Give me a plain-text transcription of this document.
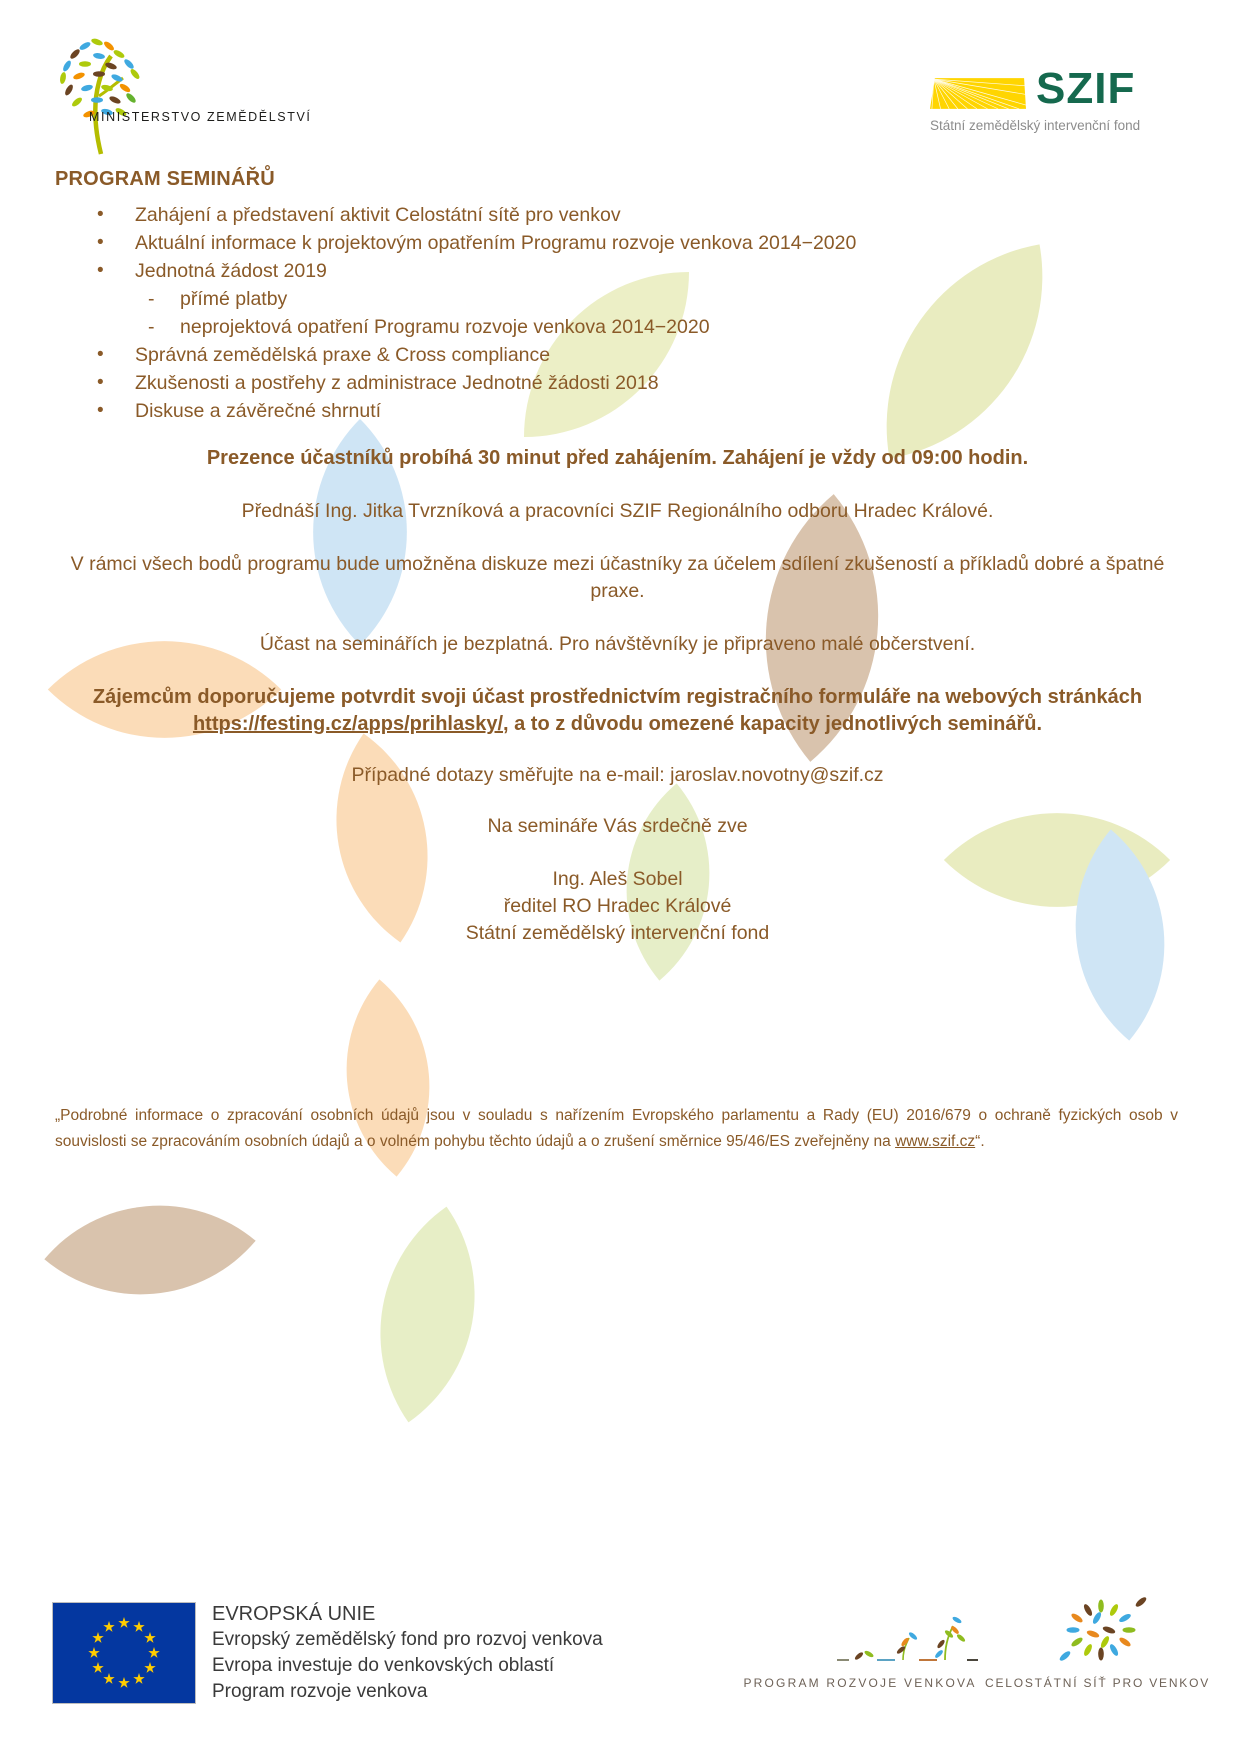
MINISTERSTVO ZEMĚDĚLSTVÍ
SZIF
Státní zemědělský intervenční fond
PROGRAM SEMINÁŘŮ
• Zahájení a představení aktivit Celostátní sítě pro venkov
• Aktuální informace k projektovým opatřením Programu rozvoje venkova 2014−2020
• Jednotná žádost 2019
- přímé platby
- neprojektová opatření Programu rozvoje venkova 2014−2020
• Správná zemědělská praxe & Cross compliance
• Zkušenosti a postřehy z administrace Jednotné žádosti 2018
• Diskuse a závěrečné shrnutí

Prezence účastníků probíhá 30 minut před zahájením. Zahájení je vždy od 09:00 hodin.

Přednáší Ing. Jitka Tvrzníková a pracovníci SZIF Regionálního odboru Hradec Králové.

V rámci všech bodů programu bude umožněna diskuze mezi účastníky za účelem sdílení zkušeností a příkladů dobré a špatné praxe.

Účast na seminářích je bezplatná. Pro návštěvníky je připraveno malé občerstvení.

Zájemcům doporučujeme potvrdit svoji účast prostřednictvím registračního formuláře na webových stránkách https://festing.cz/apps/prihlasky/, a to z důvodu omezené kapacity jednotlivých seminářů.

Případné dotazy směřujte na e-mail: jaroslav.novotny@szif.cz

Na semináře Vás srdečně zve

Ing. Aleš Sobel
ředitel RO Hradec Králové
Státní zemědělský intervenční fond
„Podrobné informace o zpracování osobních údajů jsou v souladu s nařízením Evropského parlamentu a Rady (EU) 2016/679 o ochraně fyzických osob v souvislosti se zpracováním osobních údajů a o volném pohybu těchto údajů a o zrušení směrnice 95/46/ES zveřejněny na www.szif.cz“.
EVROPSKÁ UNIE
Evropský zemědělský fond pro rozvoj venkova
Evropa investuje do venkovských oblastí
Program rozvoje venkova	PROGRAM ROZVOJE VENKOVA CELOSTÁTNÍ SÍŤ PRO VENKOV
